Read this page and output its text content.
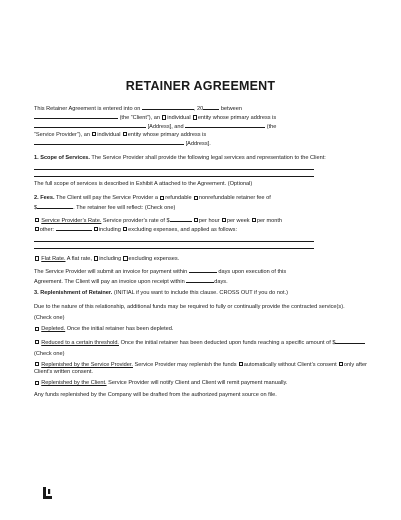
RETAINER AGREEMENT

This Retainer Agreement is entered into on	, 20	between

(the “Client”), an individual entity whose primary address is

[Address], and	(the

“Service Provider”), an individual entity whose primary address is

[Address].

1. Scope of Services. The Service Provider shall provide the following legal services and representation to the Client:

The full scope of services is described in Exhibit A attached to the Agreement. (Optional)

2. Fees. The Client will pay the Service Provider a refundable nonrefundable retainer fee of

$	. The retainer fee will reflect: (Check one)

Service Provider’s Rate. Service provider’s rate of $	per hour per week per month

other:	including excluding expenses, and applied as follows:

Flat Rate. A flat rate, including excluding expenses.

The Service Provider will submit an invoice for payment within	days upon execution of this

Agreement. The Client will pay an invoice upon receipt within	days.

3. Replenishment of Retainer. (INITIAL if you want to include this clause. CROSS OUT if you do not.)

Due to the nature of this relationship, additional funds may be required to fully or continually provide the contracted service(s).

(Check one)

Depleted. Once the initial retainer has been depleted.

Reduced to a certain threshold. Once the initial retainer has been deducted upon funds reaching a specific amount of $

(Check one)

Replenished by the Service Provider. Service Provider may replenish the funds automatically without Client’s consent only after Client’s written consent.

Replenished by the Client. Service Provider will notify Client and Client will remit payment manually.

Any funds replenished by the Company will be drafted from the authorized payment source on file.
